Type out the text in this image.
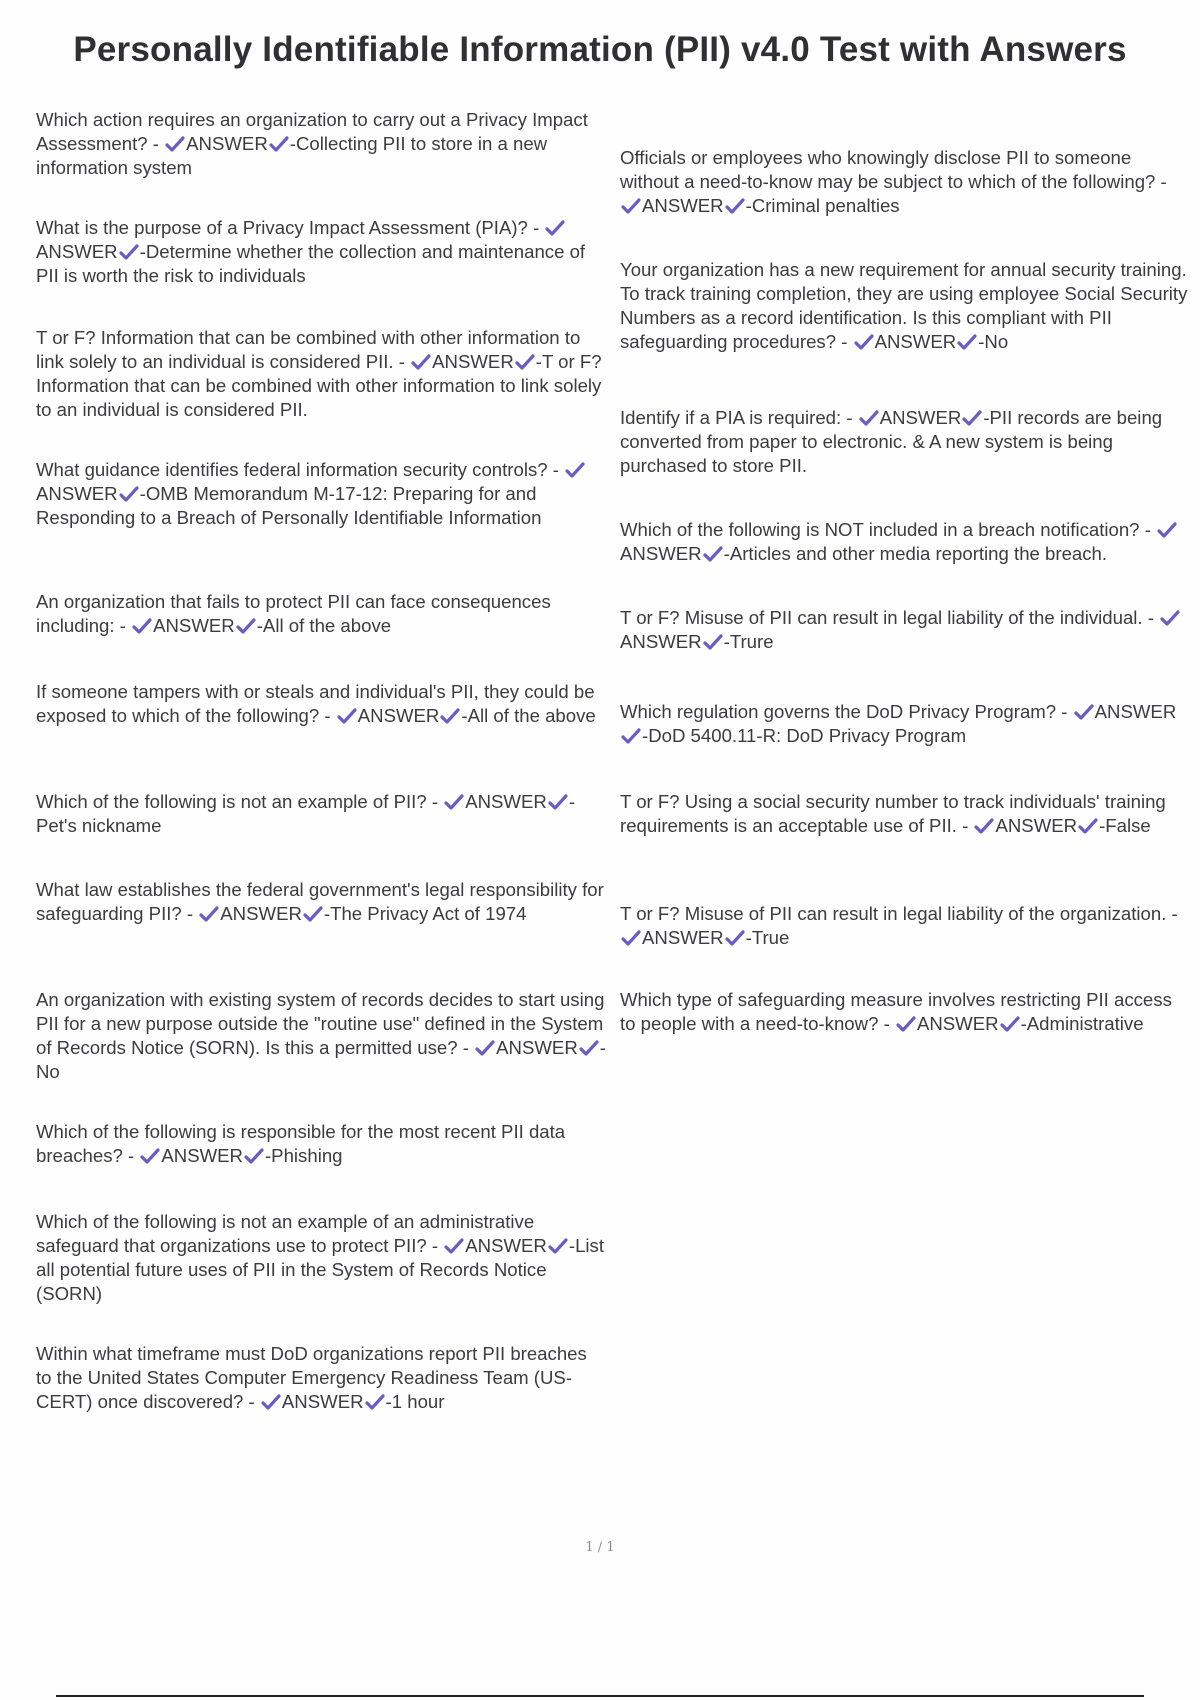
Personally Identifiable Information (PII) v4.0 Test with Answers
Which action requires an organization to carry out a Privacy Impact Assessment? -
ANSWER -Collecting PII to store in a new information system
What is the purpose of a Privacy Impact Assessment (PIA)? -
ANSWER -Determine whether the collection and maintenance of PII is worth the risk to individuals
T or F? Information that can be combined with other information to link solely to an individual is considered PII. -
ANSWER -T or F? Information that can be combined with other information to link solely to an individual is considered PII.
What guidance identifies federal information security controls? -
ANSWER -OMB Memorandum M-17-12: Preparing for and Responding to a Breach of Personally Identifiable Information
An organization that fails to protect PII can face consequences including: -
ANSWER -All of the above
If someone tampers with or steals and individual's PII, they could be exposed to which of the following? -
ANSWER -All of the above
Which of the following is not an example of PII? -
ANSWER -Pet's nickname
What law establishes the federal government's legal responsibility for safeguarding PII? -
ANSWER -The Privacy Act of 1974
An organization with existing system of records decides to start using PII for a new purpose outside the "routine use" defined in the System of Records Notice (SORN). Is this a permitted use? -
ANSWER -No
Which of the following is responsible for the most recent PII data breaches? -
ANSWER -Phishing
Which of the following is not an example of an administrative safeguard that organizations use to protect PII? -
ANSWER -List all potential future uses of PII in the System of Records Notice (SORN)
Within what timeframe must DoD organizations report PII breaches to the United States Computer Emergency Readiness Team (US-CERT) once discovered? -
ANSWER -1 hour
Officials or employees who knowingly disclose PII to someone without a need-to-know may be subject to which of the following? -
ANSWER -Criminal penalties
Your organization has a new requirement for annual security training. To track training completion, they are using employee Social Security Numbers as a record identification. Is this compliant with PII safeguarding procedures? -
ANSWER -No
Identify if a PIA is required: -
ANSWER -PII records are being converted from paper to electronic. & A new system is being purchased to store PII.
Which of the following is NOT included in a breach notification? -
ANSWER -Articles and other media reporting the breach.
T or F? Misuse of PII can result in legal liability of the individual. -
ANSWER -Trure
Which regulation governs the DoD Privacy Program? -
ANSWER
-DoD 5400.11-R: DoD Privacy Program
T or F? Using a social security number to track individuals' training requirements is an acceptable use of PII. -
ANSWER -False
T or F? Misuse of PII can result in legal liability of the organization. -
ANSWER -True
Which type of safeguarding measure involves restricting PII access to people with a need-to-know? -
ANSWER -Administrative
1 / 1
